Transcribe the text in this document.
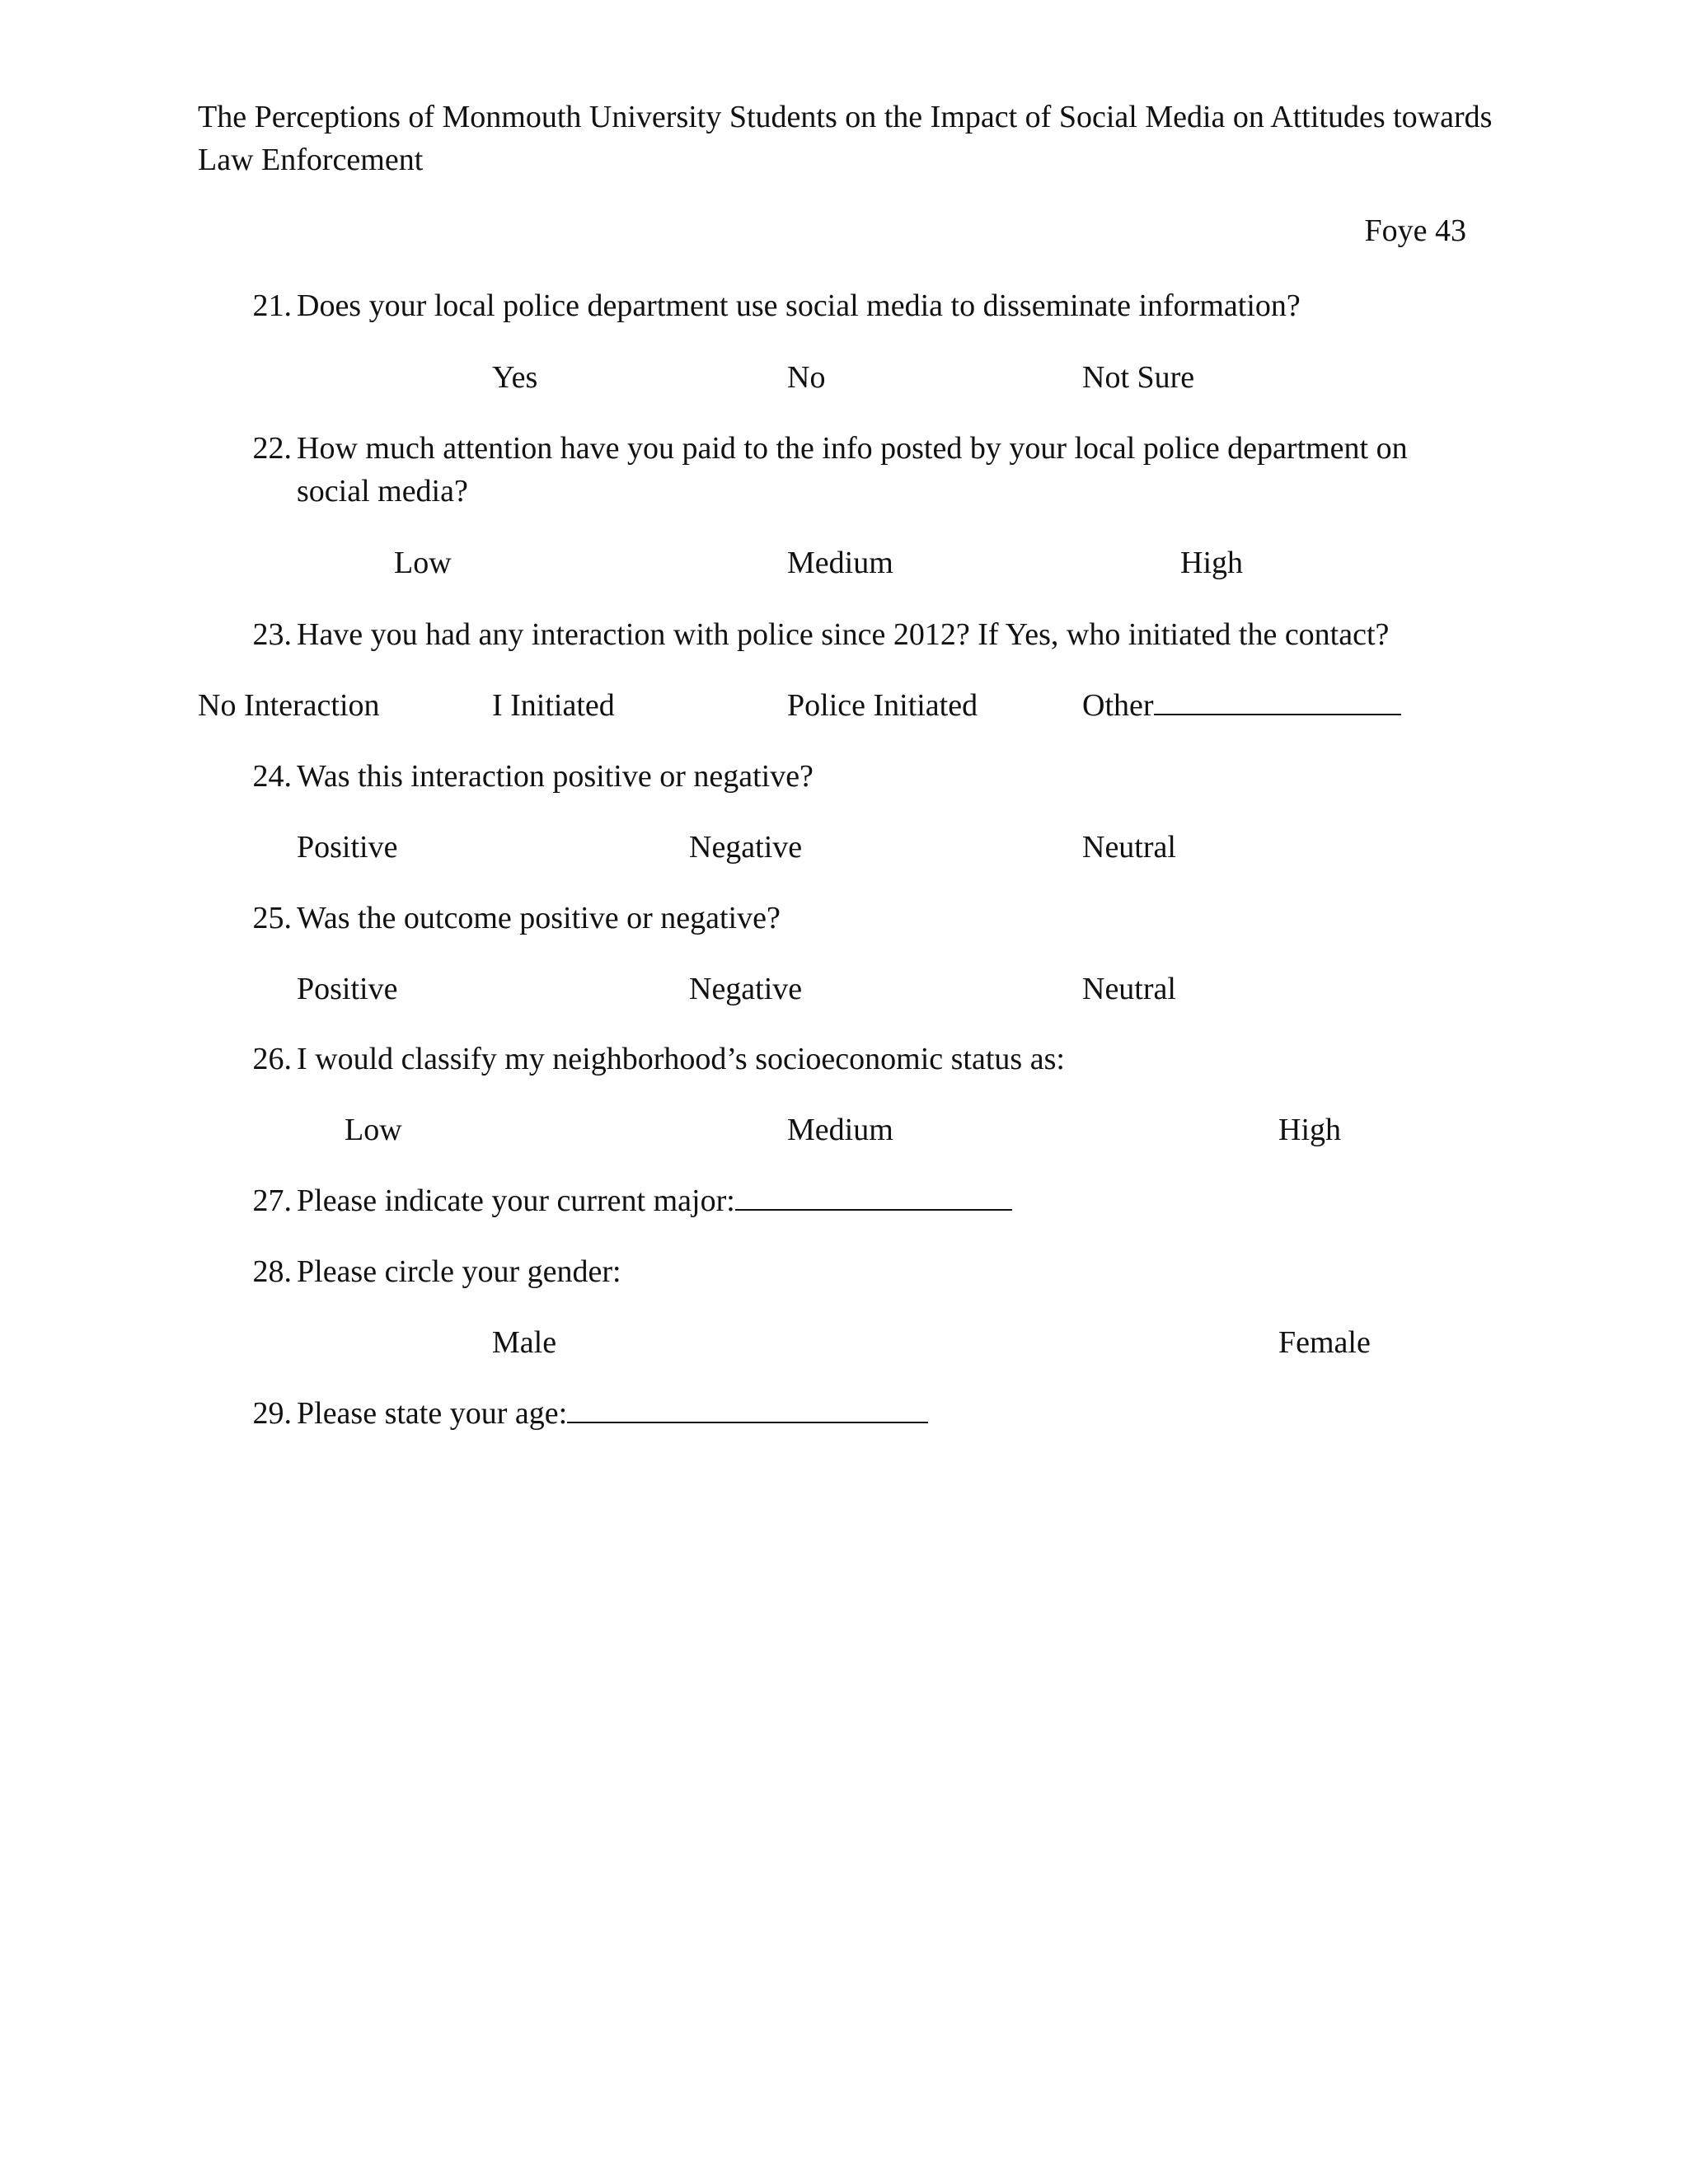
The Perceptions of Monmouth University Students on the Impact of Social Media on Attitudes towards Law Enforcement
Foye 43
21. Does your local police department use social media to disseminate information?
Yes	No	Not Sure
22. How much attention have you paid to the info posted by your local police department on social media?
Low	Medium	High
23. Have you had any interaction with police since 2012? If Yes, who initiated the contact?
No Interaction	I Initiated	Police Initiated	Other
24. Was this interaction positive or negative?
Positive	Negative	Neutral
25. Was the outcome positive or negative?
Positive	Negative	Neutral
26. I would classify my neighborhood’s socioeconomic status as:
Low	Medium	High
27. Please indicate your current major:
28. Please circle your gender:
Male	Female
29. Please state your age:
